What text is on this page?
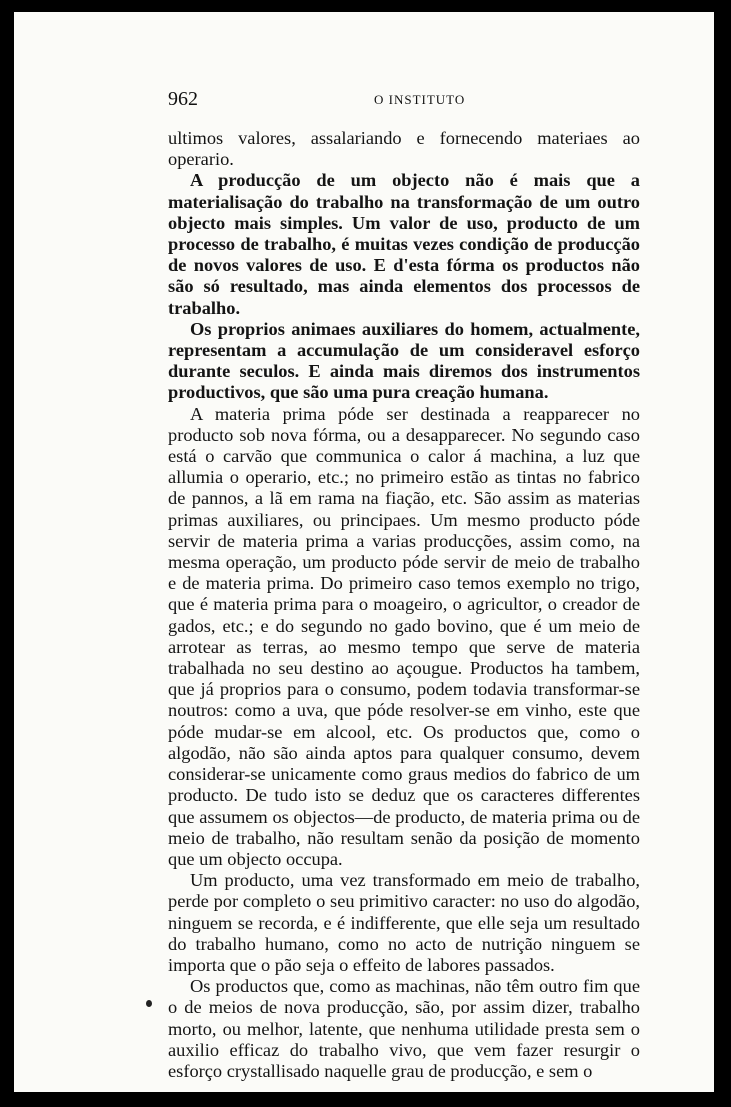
962	O INSTITUTO

ultimos valores, assalariando e fornecendo materiaes ao operario.

A producção de um objecto não é mais que a materialisação do trabalho na transformação de um outro objecto mais simples. Um valor de uso, producto de um processo de trabalho, é muitas vezes condição de producção de novos valores de uso. E d'esta fórma os productos não são só resultado, mas ainda elementos dos processos de trabalho.

Os proprios animaes auxiliares do homem, actualmente, representam a accumulação de um consideravel esforço durante seculos. E ainda mais diremos dos instrumentos productivos, que são uma pura creação humana.

A materia prima póde ser destinada a reapparecer no producto sob nova fórma, ou a desapparecer. No segundo caso está o carvão que communica o calor á machina, a luz que allumia o operario, etc.; no primeiro estão as tintas no fabrico de pannos, a lã em rama na fiação, etc. São assim as materias primas auxiliares, ou principaes. Um mesmo producto póde servir de materia prima a varias producções, assim como, na mesma operação, um producto póde servir de meio de trabalho e de materia prima. Do primeiro caso temos exemplo no trigo, que é materia prima para o moageiro, o agricultor, o creador de gados, etc.; e do segundo no gado bovino, que é um meio de arrotear as terras, ao mesmo tempo que serve de materia trabalhada no seu destino ao açougue. Productos ha tambem, que já proprios para o consumo, podem todavia transformar-se noutros: como a uva, que póde resolver-se em vinho, este que póde mudar-se em alcool, etc. Os productos que, como o algodão, não são ainda aptos para qualquer consumo, devem considerar-se unicamente como graus medios do fabrico de um producto. De tudo isto se deduz que os caracteres differentes que assumem os objectos—de producto, de materia prima ou de meio de trabalho, não resultam senão da posição de momento que um objecto occupa.

Um producto, uma vez transformado em meio de trabalho, perde por completo o seu primitivo caracter: no uso do algodão, ninguem se recorda, e é indifferente, que elle seja um resultado do trabalho humano, como no acto de nutrição ninguem se importa que o pão seja o effeito de labores passados.

Os productos que, como as machinas, não têm outro fim que o de meios de nova producção, são, por assim dizer, trabalho morto, ou melhor, latente, que nenhuma utilidade presta sem o auxilio efficaz do trabalho vivo, que vem fazer resurgir o esforço crystallisado naquelle grau de producção, e sem o
